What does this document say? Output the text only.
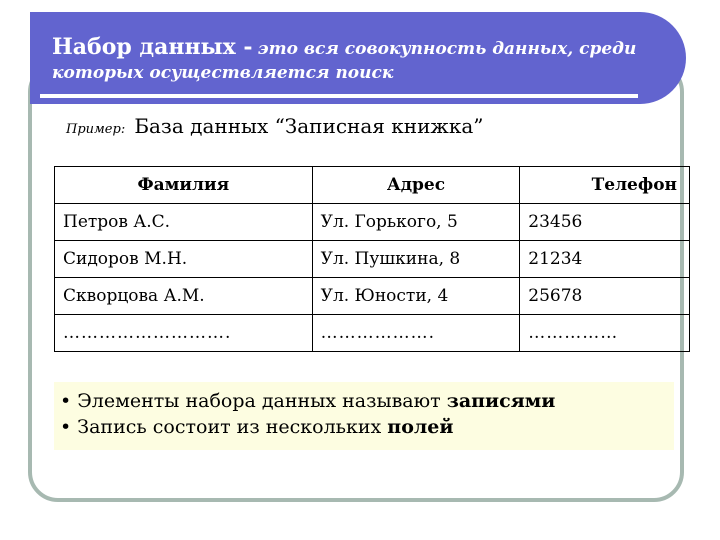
Набор данных - это вся совокупность данных, среди которых осуществляется поиск
Пример: База данных “Записная книжка”
Фамилия	Адрес	Телефон
Петров А.С.	Ул. Горького, 5	23456
Сидоров М.Н.	Ул. Пушкина, 8	21234
Скворцова А.М.	Ул. Юности, 4	25678
……………………….	……………….	……………
• Элементы набора данных называют записями
• Запись состоит из нескольких полей
